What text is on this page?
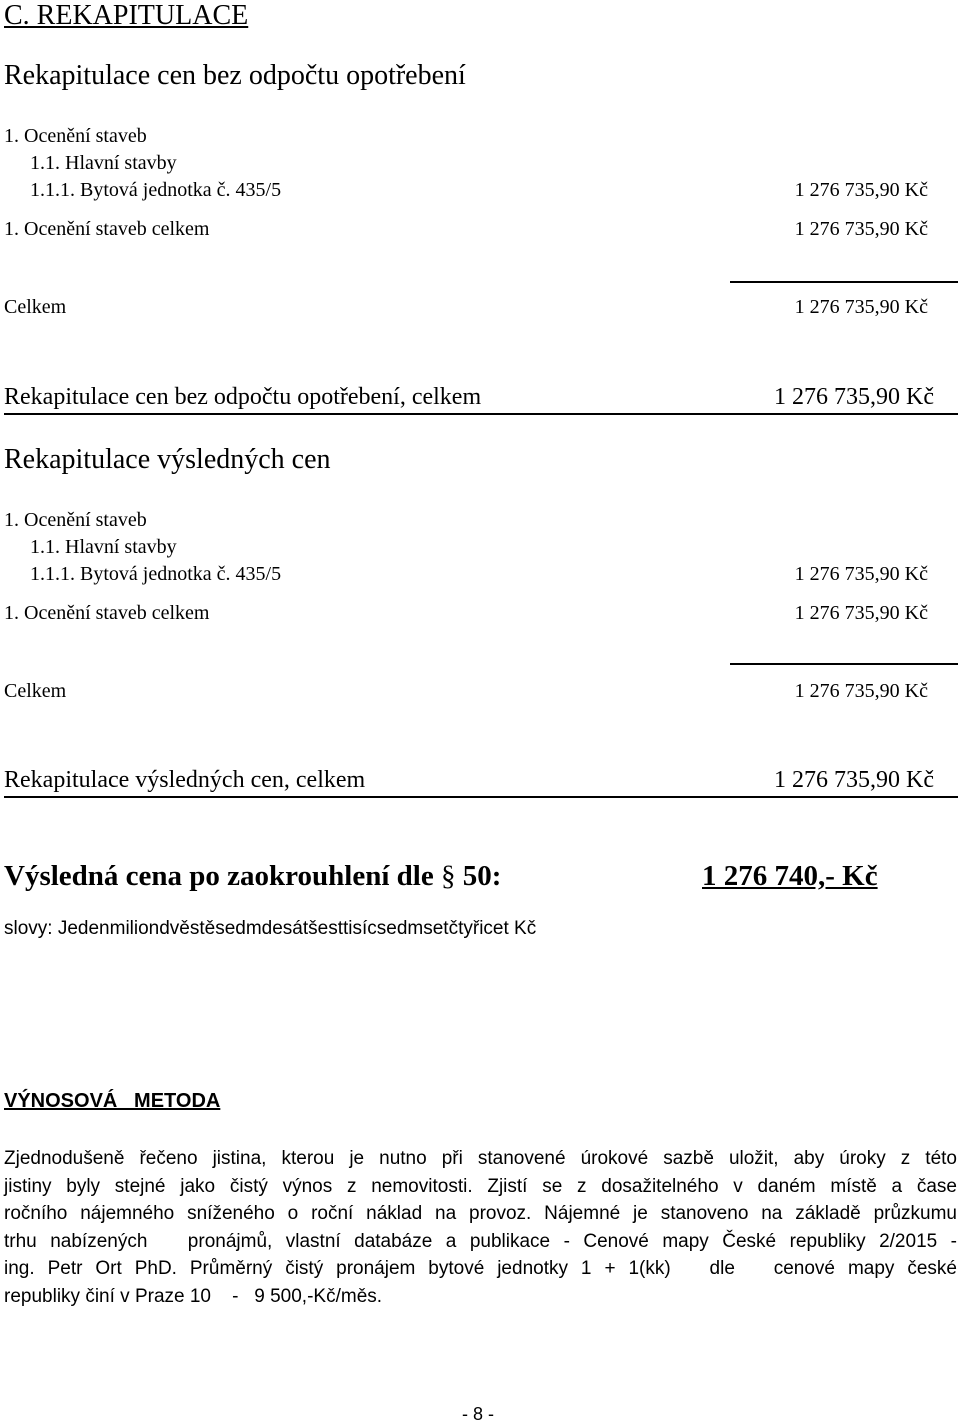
C. REKAPITULACE
Rekapitulace cen bez odpočtu opotřebení
1. Ocenění staveb
1.1. Hlavní stavby
1.1.1. Bytová jednotka č. 435/5	1 276 735,90 Kč
1. Ocenění staveb celkem	1 276 735,90 Kč
Celkem	1 276 735,90 Kč
Rekapitulace cen bez odpočtu opotřebení, celkem	1 276 735,90 Kč
Rekapitulace výsledných cen
1. Ocenění staveb
1.1. Hlavní stavby
1.1.1. Bytová jednotka č. 435/5	1 276 735,90 Kč
1. Ocenění staveb celkem	1 276 735,90 Kč
Celkem	1 276 735,90 Kč
Rekapitulace výsledných cen, celkem	1 276 735,90 Kč
Výsledná cena po zaokrouhlení dle § 50:	1 276 740,- Kč
slovy: Jedenmiliondvěstěsedmdesátšesttisícsedmsetčtyřicet Kč
VÝNOSOVÁ   METODA
Zjednodušeně řečeno jistina, kterou je nutno při stanovené úrokové sazbě uložit, aby úroky z této
jistiny byly stejné jako čistý výnos z nemovitosti. Zjistí se z dosažitelného v daném místě a čase
ročního nájemného sníženého o roční náklad na provoz. Nájemné je stanoveno na základě průzkumu
trhu nabízených   pronájmů, vlastní databáze a publikace - Cenové mapy České republiky 2/2015 -
ing. Petr Ort PhD. Průměrný čistý pronájem bytové jednotky 1 + 1(kk)   dle   cenové mapy české
republiky činí v Praze 10    -   9 500,-Kč/měs.
- 8 -
